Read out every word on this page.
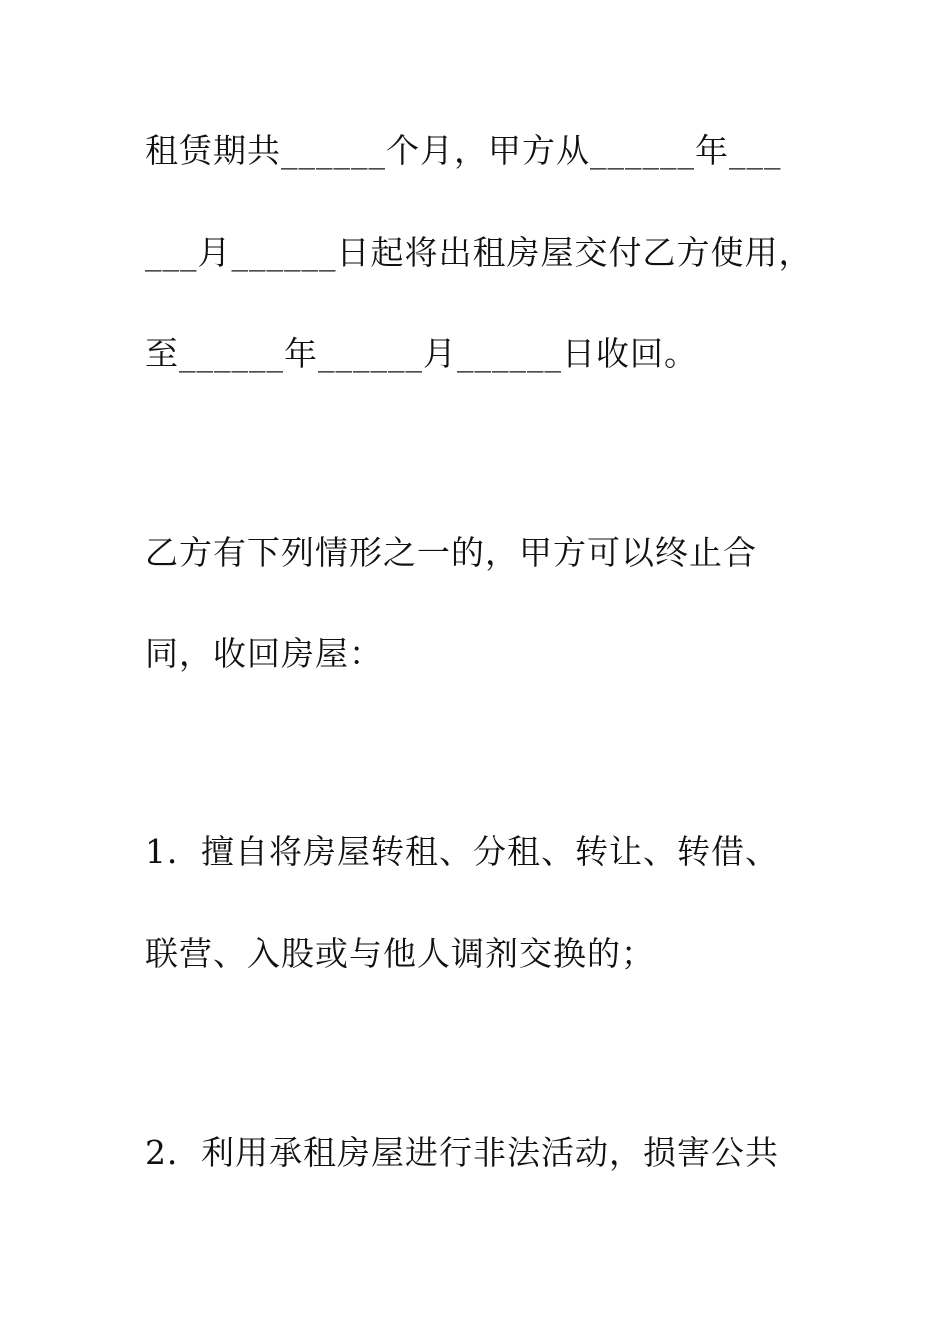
租赁期共______个月，甲方从______年___

___月______日起将出租房屋交付乙方使用，

至______年______月______日收回。

乙方有下列情形之一的，甲方可以终止合

同，收回房屋：

1．擅自将房屋转租、分租、转让、转借、

联营、入股或与他人调剂交换的；

2．利用承租房屋进行非法活动，损害公共
